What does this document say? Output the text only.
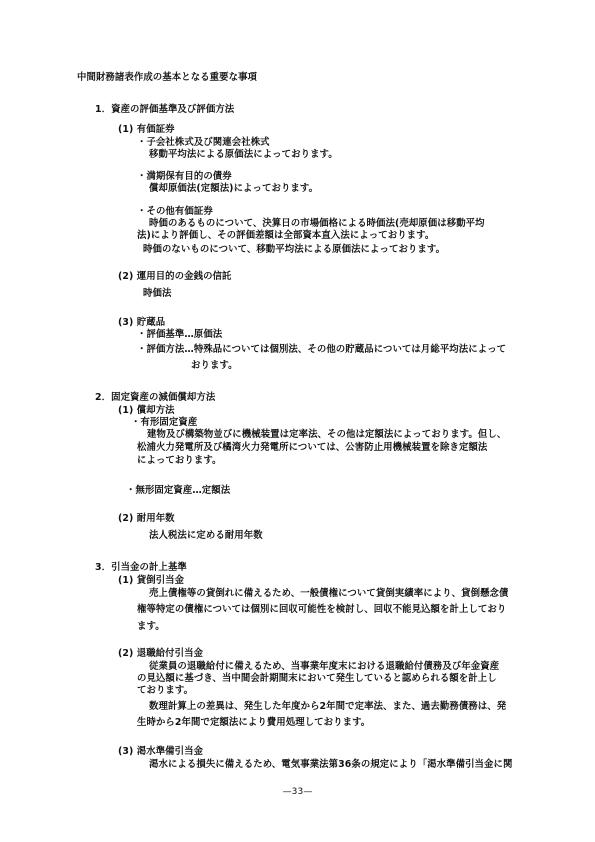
中間財務諸表作成の基本となる重要な事項
1．資産の評価基準及び評価方法
(1) 有価証券
・子会社株式及び関連会社株式
移動平均法による原価法によっております。
・満期保有目的の債券
償却原価法(定額法)によっております。
・その他有価証券
時価のあるものについて、決算日の市場価格による時価法(売却原価は移動平均
法)により評価し、その評価差額は全部資本直入法によっております。
時価のないものについて、移動平均法による原価法によっております。
(2) 運用目的の金銭の信託
時価法
(3) 貯蔵品
・評価基準…原価法
・評価方法…特殊品については個別法、その他の貯蔵品については月総平均法によって
おります。
2．固定資産の減価償却方法
(1) 償却方法
・有形固定資産
建物及び構築物並びに機械装置は定率法、その他は定額法によっております。但し、
松浦火力発電所及び橘湾火力発電所については、公害防止用機械装置を除き定額法
によっております。
・無形固定資産…定額法
(2) 耐用年数
法人税法に定める耐用年数
3．引当金の計上基準
(1) 貸倒引当金
売上債権等の貸倒れに備えるため、一般債権について貸倒実績率により、貸倒懸念債
権等特定の債権については個別に回収可能性を検討し、回収不能見込額を計上しており
ます。
(2) 退職給付引当金
従業員の退職給付に備えるため、当事業年度末における退職給付債務及び年金資産
の見込額に基づき、当中間会計期間末において発生していると認められる額を計上し
ております。
数理計算上の差異は、発生した年度から2年間で定率法、また、過去勤務債務は、発
生時から2年間で定額法により費用処理しております。
(3) 渇水準備引当金
渇水による損失に備えるため、電気事業法第36条の規定により「渇水準備引当金に関
—33—
